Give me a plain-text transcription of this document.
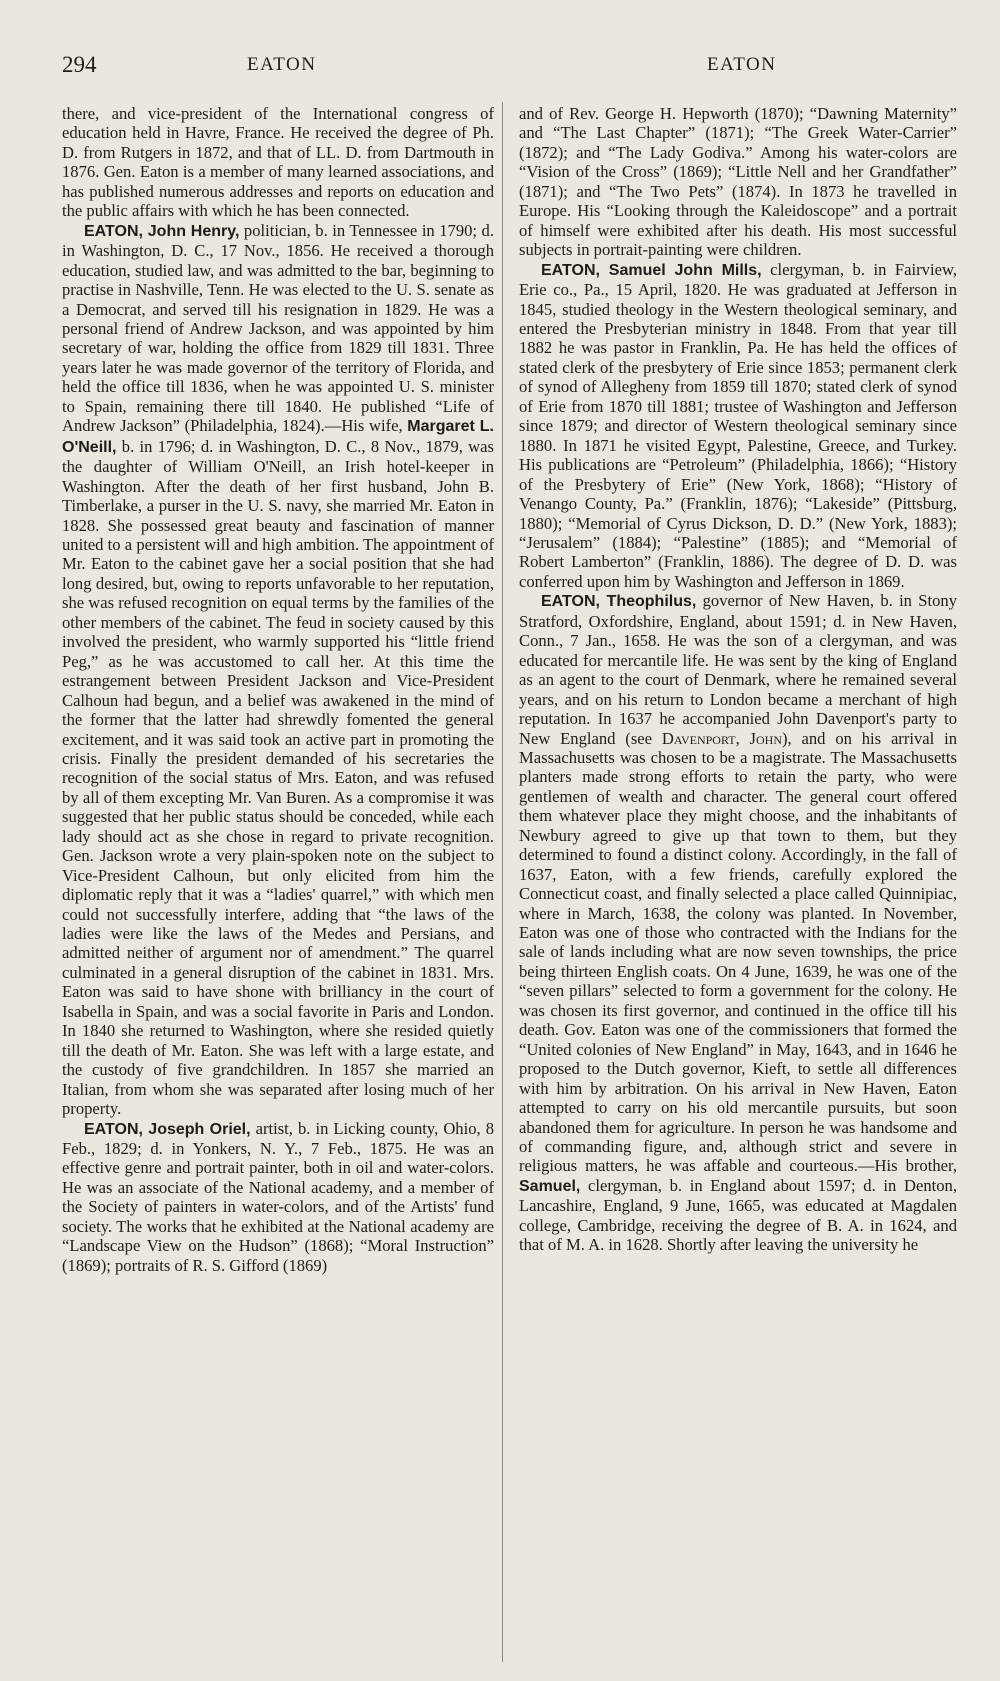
294	EATON	EATON

there, and vice-president of the International congress of education held in Havre, France. He received the degree of Ph. D. from Rutgers in 1872, and that of LL. D. from Dartmouth in 1876. Gen. Eaton is a member of many learned associations, and has published numerous addresses and reports on education and the public affairs with which he has been connected.

EATON, John Henry, politician, b. in Tennessee in 1790; d. in Washington, D. C., 17 Nov., 1856. He received a thorough education, studied law, and was admitted to the bar, beginning to practise in Nashville, Tenn. He was elected to the U. S. senate as a Democrat, and served till his resignation in 1829. He was a personal friend of Andrew Jackson, and was appointed by him secretary of war, holding the office from 1829 till 1831. Three years later he was made governor of the territory of Florida, and held the office till 1836, when he was appointed U. S. minister to Spain, remaining there till 1840. He published “Life of Andrew Jackson” (Philadelphia, 1824).—His wife, Margaret L. O'Neill, b. in 1796; d. in Washington, D. C., 8 Nov., 1879, was the daughter of William O'Neill, an Irish hotel-keeper in Washington. After the death of her first husband, John B. Timberlake, a purser in the U. S. navy, she married Mr. Eaton in 1828. She possessed great beauty and fascination of manner united to a persistent will and high ambition. The appointment of Mr. Eaton to the cabinet gave her a social position that she had long desired, but, owing to reports unfavorable to her reputation, she was refused recognition on equal terms by the families of the other members of the cabinet. The feud in society caused by this involved the president, who warmly supported his “little friend Peg,” as he was accustomed to call her. At this time the estrangement between President Jackson and Vice-President Calhoun had begun, and a belief was awakened in the mind of the former that the latter had shrewdly fomented the general excitement, and it was said took an active part in promoting the crisis. Finally the president demanded of his secretaries the recognition of the social status of Mrs. Eaton, and was refused by all of them excepting Mr. Van Buren. As a compromise it was suggested that her public status should be conceded, while each lady should act as she chose in regard to private recognition. Gen. Jackson wrote a very plain-spoken note on the subject to Vice-President Calhoun, but only elicited from him the diplomatic reply that it was a “ladies' quarrel,” with which men could not successfully interfere, adding that “the laws of the ladies were like the laws of the Medes and Persians, and admitted neither of argument nor of amendment.” The quarrel culminated in a general disruption of the cabinet in 1831. Mrs. Eaton was said to have shone with brilliancy in the court of Isabella in Spain, and was a social favorite in Paris and London. In 1840 she returned to Washington, where she resided quietly till the death of Mr. Eaton. She was left with a large estate, and the custody of five grandchildren. In 1857 she married an Italian, from whom she was separated after losing much of her property.

EATON, Joseph Oriel, artist, b. in Licking county, Ohio, 8 Feb., 1829; d. in Yonkers, N. Y., 7 Feb., 1875. He was an effective genre and portrait painter, both in oil and water-colors. He was an associate of the National academy, and a member of the Society of painters in water-colors, and of the Artists' fund society. The works that he exhibited at the National academy are “Landscape View on the Hudson” (1868); “Moral Instruction” (1869); portraits of R. S. Gifford (1869)

and of Rev. George H. Hepworth (1870); “Dawning Maternity” and “The Last Chapter” (1871); “The Greek Water-Carrier” (1872); and “The Lady Godiva.” Among his water-colors are “Vision of the Cross” (1869); “Little Nell and her Grandfather” (1871); and “The Two Pets” (1874). In 1873 he travelled in Europe. His “Looking through the Kaleidoscope” and a portrait of himself were exhibited after his death. His most successful subjects in portrait-painting were children.

EATON, Samuel John Mills, clergyman, b. in Fairview, Erie co., Pa., 15 April, 1820. He was graduated at Jefferson in 1845, studied theology in the Western theological seminary, and entered the Presbyterian ministry in 1848. From that year till 1882 he was pastor in Franklin, Pa. He has held the offices of stated clerk of the presbytery of Erie since 1853; permanent clerk of synod of Allegheny from 1859 till 1870; stated clerk of synod of Erie from 1870 till 1881; trustee of Washington and Jefferson since 1879; and director of Western theological seminary since 1880. In 1871 he visited Egypt, Palestine, Greece, and Turkey. His publications are “Petroleum” (Philadelphia, 1866); “History of the Presbytery of Erie” (New York, 1868); “History of Venango County, Pa.” (Franklin, 1876); “Lakeside” (Pittsburg, 1880); “Memorial of Cyrus Dickson, D. D.” (New York, 1883); “Jerusalem” (1884); “Palestine” (1885); and “Memorial of Robert Lamberton” (Franklin, 1886). The degree of D. D. was conferred upon him by Washington and Jefferson in 1869.

EATON, Theophilus, governor of New Haven, b. in Stony Stratford, Oxfordshire, England, about 1591; d. in New Haven, Conn., 7 Jan., 1658. He was the son of a clergyman, and was educated for mercantile life. He was sent by the king of England as an agent to the court of Denmark, where he remained several years, and on his return to London became a merchant of high reputation. In 1637 he accompanied John Davenport's party to New England (see Davenport, John), and on his arrival in Massachusetts was chosen to be a magistrate. The Massachusetts planters made strong efforts to retain the party, who were gentlemen of wealth and character. The general court offered them whatever place they might choose, and the inhabitants of Newbury agreed to give up that town to them, but they determined to found a distinct colony. Accordingly, in the fall of 1637, Eaton, with a few friends, carefully explored the Connecticut coast, and finally selected a place called Quinnipiac, where in March, 1638, the colony was planted. In November, Eaton was one of those who contracted with the Indians for the sale of lands including what are now seven townships, the price being thirteen English coats. On 4 June, 1639, he was one of the “seven pillars” selected to form a government for the colony. He was chosen its first governor, and continued in the office till his death. Gov. Eaton was one of the commissioners that formed the “United colonies of New England” in May, 1643, and in 1646 he proposed to the Dutch governor, Kieft, to settle all differences with him by arbitration. On his arrival in New Haven, Eaton attempted to carry on his old mercantile pursuits, but soon abandoned them for agriculture. In person he was handsome and of commanding figure, and, although strict and severe in religious matters, he was affable and courteous.—His brother, Samuel, clergyman, b. in England about 1597; d. in Denton, Lancashire, England, 9 June, 1665, was educated at Magdalen college, Cambridge, receiving the degree of B. A. in 1624, and that of M. A. in 1628. Shortly after leaving the university he
